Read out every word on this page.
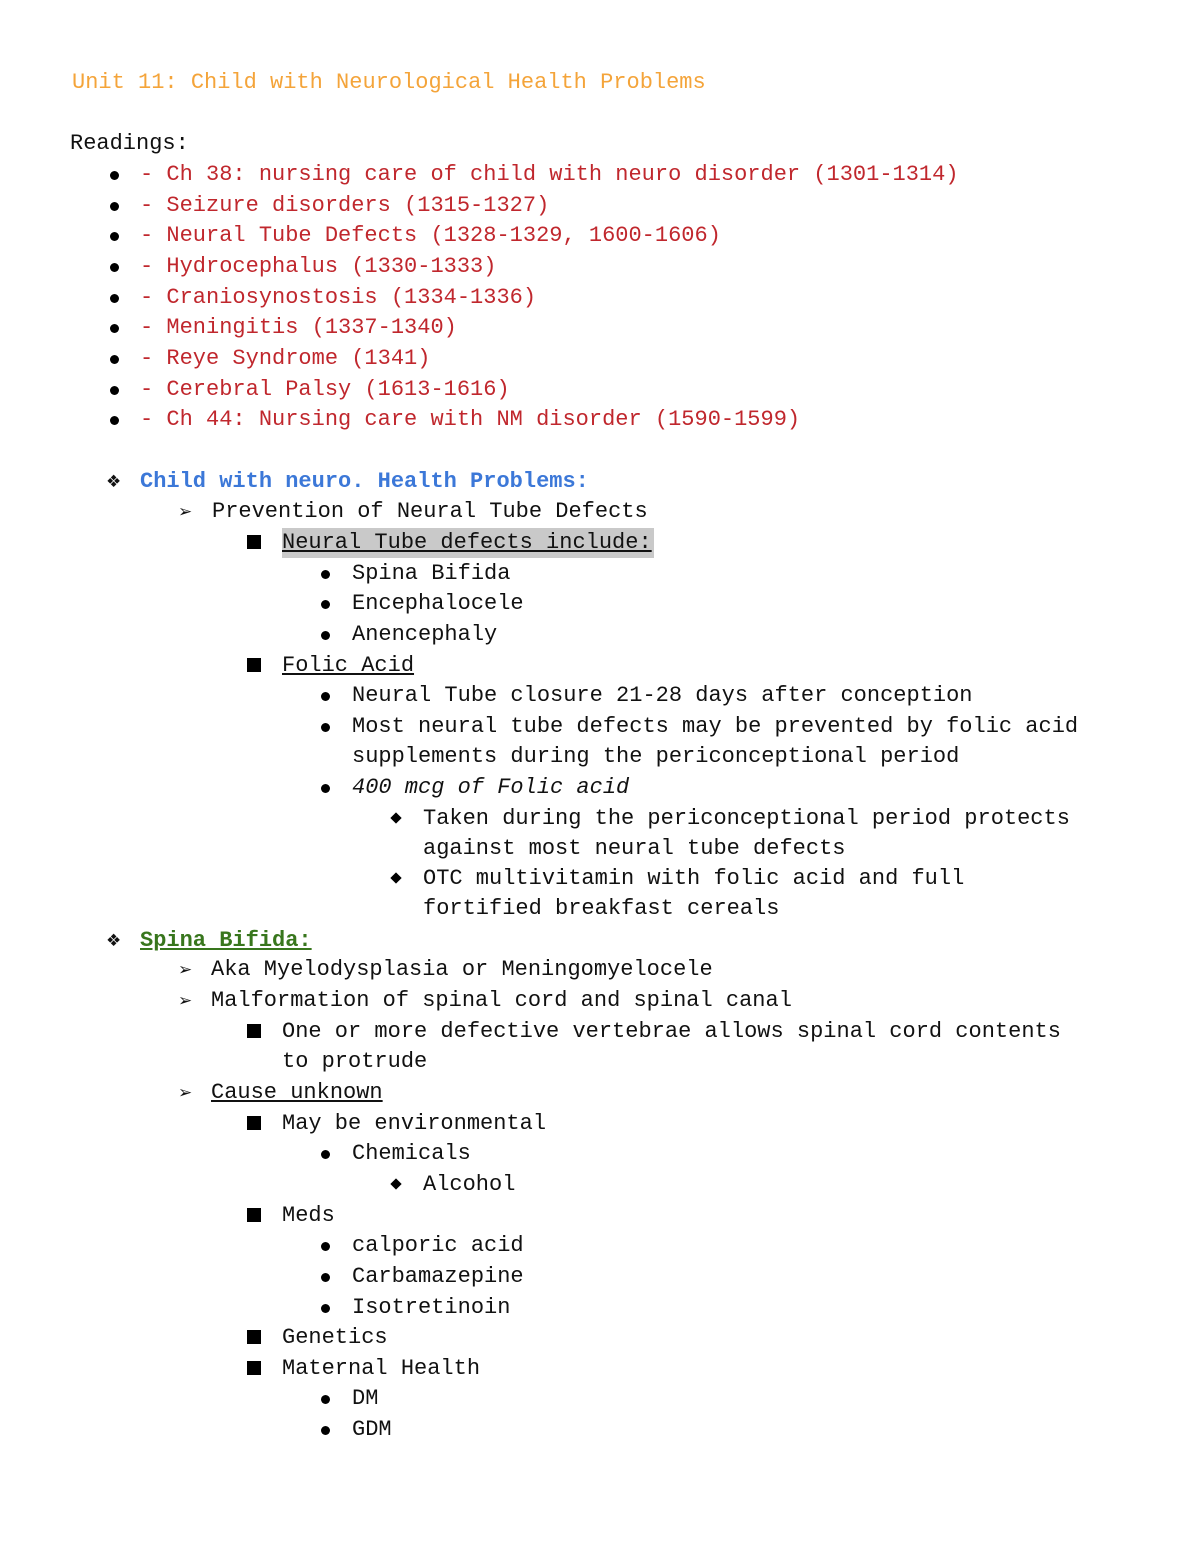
Unit 11: Child with Neurological Health Problems
Readings:
- Ch 38: nursing care of child with neuro disorder (1301-1314)
- Seizure disorders (1315-1327)
- Neural Tube Defects (1328-1329, 1600-1606)
- Hydrocephalus (1330-1333)
- Craniosynostosis (1334-1336)
- Meningitis (1337-1340)
- Reye Syndrome (1341)
- Cerebral Palsy (1613-1616)
- Ch 44: Nursing care with NM disorder (1590-1599)
❖ Child with neuro. Health Problems:
➢ Prevention of Neural Tube Defects
Neural Tube defects include:
Spina Bifida
Encephalocele
Anencephaly
Folic Acid
Neural Tube closure 21-28 days after conception
Most neural tube defects may be prevented by folic acid
supplements during the periconceptional period
400 mcg of Folic acid
Taken during the periconceptional period protects
against most neural tube defects
OTC multivitamin with folic acid and full
fortified breakfast cereals
❖ Spina Bifida:
➢ Aka Myelodysplasia or Meningomyelocele
➢ Malformation of spinal cord and spinal canal
One or more defective vertebrae allows spinal cord contents
to protrude
➢ Cause unknown
May be environmental
Chemicals
Alcohol
Meds
calporic acid
Carbamazepine
Isotretinoin
Genetics
Maternal Health
DM
GDM
